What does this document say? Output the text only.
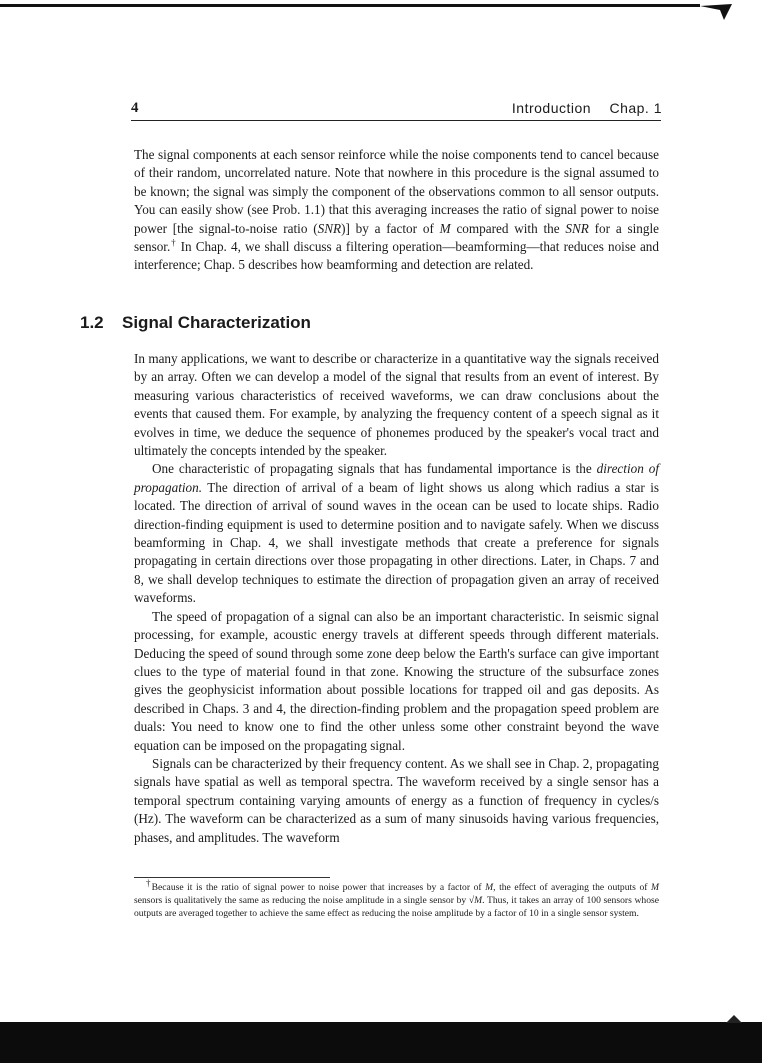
4	Introduction Chap. 1

The signal components at each sensor reinforce while the noise components tend to cancel because of their random, uncorrelated nature. Note that nowhere in this procedure is the signal assumed to be known; the signal was simply the component of the observations common to all sensor outputs. You can easily show (see Prob. 1.1) that this averaging increases the ratio of signal power to noise power [the signal-to-noise ratio (SNR)] by a factor of M compared with the SNR for a single sensor.† In Chap. 4, we shall discuss a filtering operation—beamforming—that reduces noise and interference; Chap. 5 describes how beamforming and detection are related.

1.2 Signal Characterization

In many applications, we want to describe or characterize in a quantitative way the signals received by an array. Often we can develop a model of the signal that results from an event of interest. By measuring various characteristics of received waveforms, we can draw conclusions about the events that caused them. For example, by analyzing the frequency content of a speech signal as it evolves in time, we deduce the sequence of phonemes produced by the speaker's vocal tract and ultimately the concepts intended by the speaker.

One characteristic of propagating signals that has fundamental importance is the direction of propagation. The direction of arrival of a beam of light shows us along which radius a star is located. The direction of arrival of sound waves in the ocean can be used to locate ships. Radio direction-finding equipment is used to determine position and to navigate safely. When we discuss beamforming in Chap. 4, we shall investigate methods that create a preference for signals propagating in certain directions over those propagating in other directions. Later, in Chaps. 7 and 8, we shall develop techniques to estimate the direction of propagation given an array of received waveforms.

The speed of propagation of a signal can also be an important characteristic. In seismic signal processing, for example, acoustic energy travels at different speeds through different materials. Deducing the speed of sound through some zone deep below the Earth's surface can give important clues to the type of material found in that zone. Knowing the structure of the subsurface zones gives the geophysicist information about possible locations for trapped oil and gas deposits. As described in Chaps. 3 and 4, the direction-finding problem and the propagation speed problem are duals: You need to know one to find the other unless some other constraint beyond the wave equation can be imposed on the propagating signal.

Signals can be characterized by their frequency content. As we shall see in Chap. 2, propagating signals have spatial as well as temporal spectra. The waveform received by a single sensor has a temporal spectrum containing varying amounts of energy as a function of frequency in cycles/s (Hz). The waveform can be characterized as a sum of many sinusoids having various frequencies, phases, and amplitudes. The waveform

†Because it is the ratio of signal power to noise power that increases by a factor of M, the effect of averaging the outputs of M sensors is qualitatively the same as reducing the noise amplitude in a single sensor by √M. Thus, it takes an array of 100 sensors whose outputs are averaged together to achieve the same effect as reducing the noise amplitude by a factor of 10 in a single sensor system.
